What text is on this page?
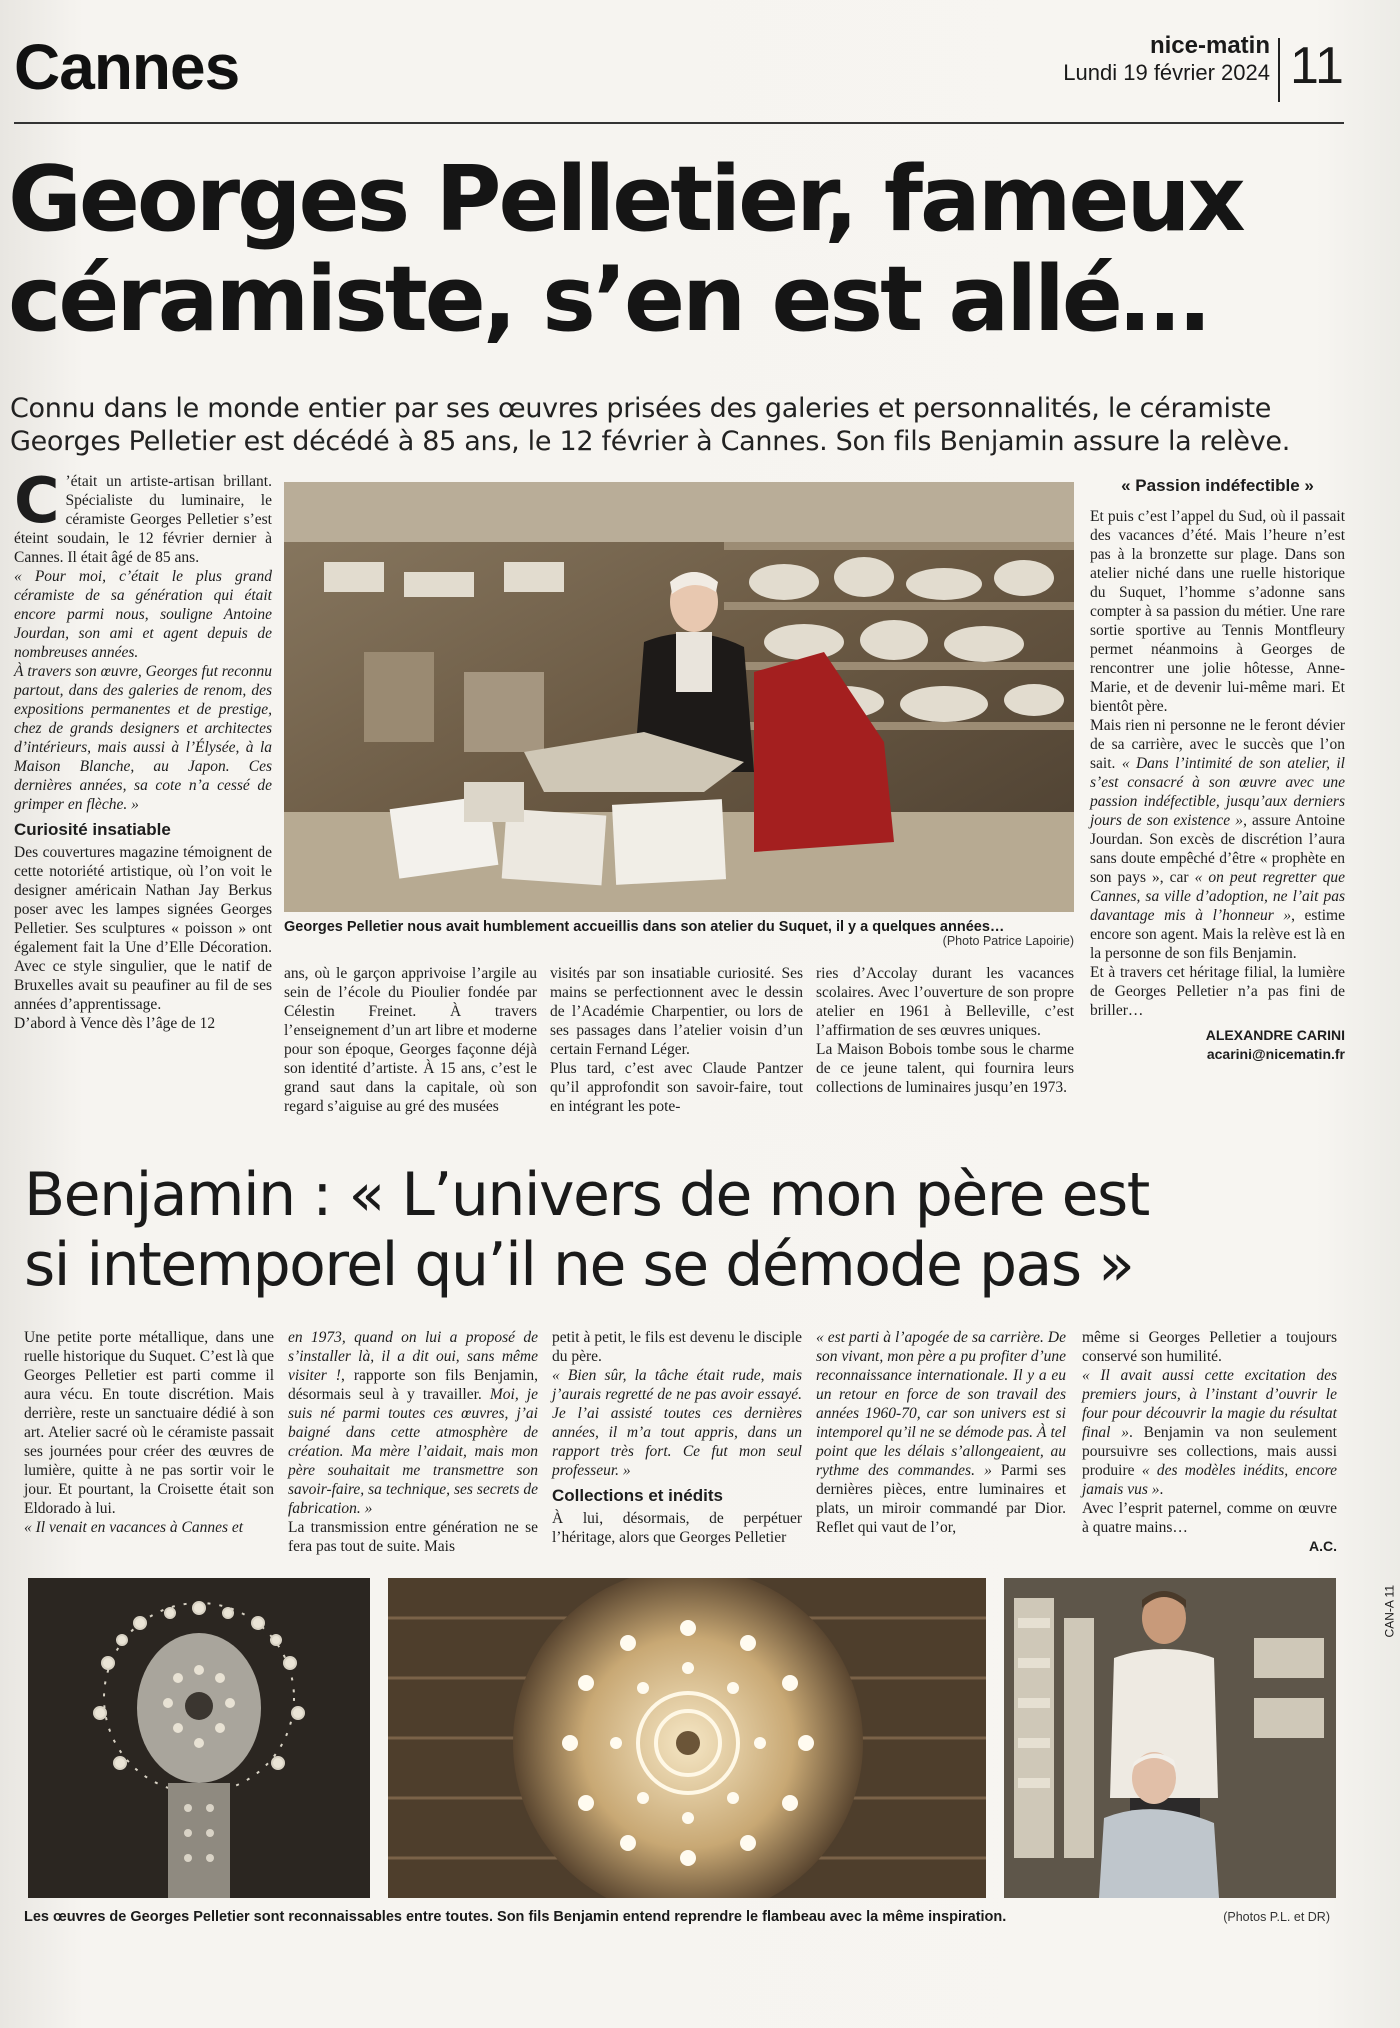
Cannes	nice-matin
Lundi 19 février 2024 11
Georges Pelletier, fameux
céramiste, s’en est allé…
Connu dans le monde entier par ses œuvres prisées des galeries et personnalités, le céramiste Georges Pelletier est décédé à 85 ans, le 12 février à Cannes. Son fils Benjamin assure la relève.

C ’était un artiste-artisan brillant. Spécialiste du luminaire, le céramiste Georges Pelletier s’est éteint soudain, le 12 février dernier à Cannes. Il était âgé de 85 ans.

« Pour moi, c’était le plus grand céramiste de sa génération qui était encore parmi nous, souligne Antoine Jourdan, son ami et agent depuis de nombreuses années.

À travers son œuvre, Georges fut reconnu partout, dans des galeries de renom, des expositions permanentes et de prestige, chez de grands designers et architectes d’intérieurs, mais aussi à l’Élysée, à la Maison Blanche, au Japon. Ces dernières années, sa cote n’a cessé de grimper en flèche. »

Curiosité insatiable

Des couvertures magazine témoignent de cette notoriété artistique, où l’on voit le designer américain Nathan Jay Berkus poser avec les lampes signées Georges Pelletier. Ses sculptures « poisson » ont également fait la Une d’Elle Décoration. Avec ce style singulier, que le natif de Bruxelles avait su peaufiner au fil de ses années d’apprentissage.

D’abord à Vence dès l’âge de 12

Georges Pelletier nous avait humblement accueillis dans son atelier du Suquet, il y a quelques années…
(Photo Patrice Lapoirie)

ans, où le garçon apprivoise l’argile au sein de l’école du Pioulier fondée par Célestin Freinet. À travers l’enseignement d’un art libre et moderne pour son époque, Georges façonne déjà son identité d’artiste. À 15 ans, c’est le grand saut dans la capitale, où son regard s’aiguise au gré des musées

visités par son insatiable curiosité. Ses mains se perfectionnent avec le dessin de l’Académie Charpentier, ou lors de ses passages dans l’atelier voisin d’un certain Fernand Léger.

Plus tard, c’est avec Claude Pantzer qu’il approfondit son savoir-faire, tout en intégrant les pote-

ries d’Accolay durant les vacances scolaires. Avec l’ouverture de son propre atelier en 1961 à Belleville, c’est l’affirmation de ses œuvres uniques.

La Maison Bobois tombe sous le charme de ce jeune talent, qui fournira leurs collections de luminaires jusqu’en 1973.

« Passion indéfectible »

Et puis c’est l’appel du Sud, où il passait des vacances d’été. Mais l’heure n’est pas à la bronzette sur plage. Dans son atelier niché dans une ruelle historique du Suquet, l’homme s’adonne sans compter à sa passion du métier. Une rare sortie sportive au Tennis Montfleury permet néanmoins à Georges de rencontrer une jolie hôtesse, Anne-Marie, et de devenir lui-même mari. Et bientôt père.

Mais rien ni personne ne le feront dévier de sa carrière, avec le succès que l’on sait. « Dans l’intimité de son atelier, il s’est consacré à son œuvre avec une passion indéfectible, jusqu’aux derniers jours de son existence », assure Antoine Jourdan. Son excès de discrétion l’aura sans doute empêché d’être « prophète en son pays », car « on peut regretter que Cannes, sa ville d’adoption, ne l’ait pas davantage mis à l’honneur », estime encore son agent. Mais la relève est là en la personne de son fils Benjamin.

Et à travers cet héritage filial, la lumière de Georges Pelletier n’a pas fini de briller…

ALEXANDRE CARINI
acarini@nicematin.fr
Benjamin : « L’univers de mon père est
si intemporel qu’il ne se démode pas »

Une petite porte métallique, dans une ruelle historique du Suquet. C’est là que Georges Pelletier est parti comme il aura vécu. En toute discrétion. Mais derrière, reste un sanctuaire dédié à son art. Atelier sacré où le céramiste passait ses journées pour créer des œuvres de lumière, quitte à ne pas sortir voir le jour. Et pourtant, la Croisette était son Eldorado à lui.

« Il venait en vacances à Cannes et

en 1973, quand on lui a proposé de s’installer là, il a dit oui, sans même visiter !, rapporte son fils Benjamin, désormais seul à y travailler. Moi, je suis né parmi toutes ces œuvres, j’ai baigné dans cette atmosphère de création. Ma mère l’aidait, mais mon père souhaitait me transmettre son savoir-faire, sa technique, ses secrets de fabrication. »

La transmission entre génération ne se fera pas tout de suite. Mais

petit à petit, le fils est devenu le disciple du père.

« Bien sûr, la tâche était rude, mais j’aurais regretté de ne pas avoir essayé. Je l’ai assisté toutes ces dernières années, il m’a tout appris, dans un rapport très fort. Ce fut mon seul professeur. »

Collections et inédits

À lui, désormais, de perpétuer l’héritage, alors que Georges Pelletier

« est parti à l’apogée de sa carrière. De son vivant, mon père a pu profiter d’une reconnaissance internationale. Il y a eu un retour en force de son travail des années 1960-70, car son univers est si intemporel qu’il ne se démode pas. À tel point que les délais s’allongeaient, au rythme des commandes. » Parmi ses dernières pièces, entre luminaires et plats, un miroir commandé par Dior. Reflet qui vaut de l’or,

même si Georges Pelletier a toujours conservé son humilité.

« Il avait aussi cette excitation des premiers jours, à l’instant d’ouvrir le four pour découvrir la magie du résultat final ». Benjamin va non seulement poursuivre ses collections, mais aussi produire « des modèles inédits, encore jamais vus ».

Avec l’esprit paternel, comme on œuvre à quatre mains…

A.C.
Les œuvres de Georges Pelletier sont reconnaissables entre toutes. Son fils Benjamin entend reprendre le flambeau avec la même inspiration.	(Photos P.L. et DR)
CAN-A 11
